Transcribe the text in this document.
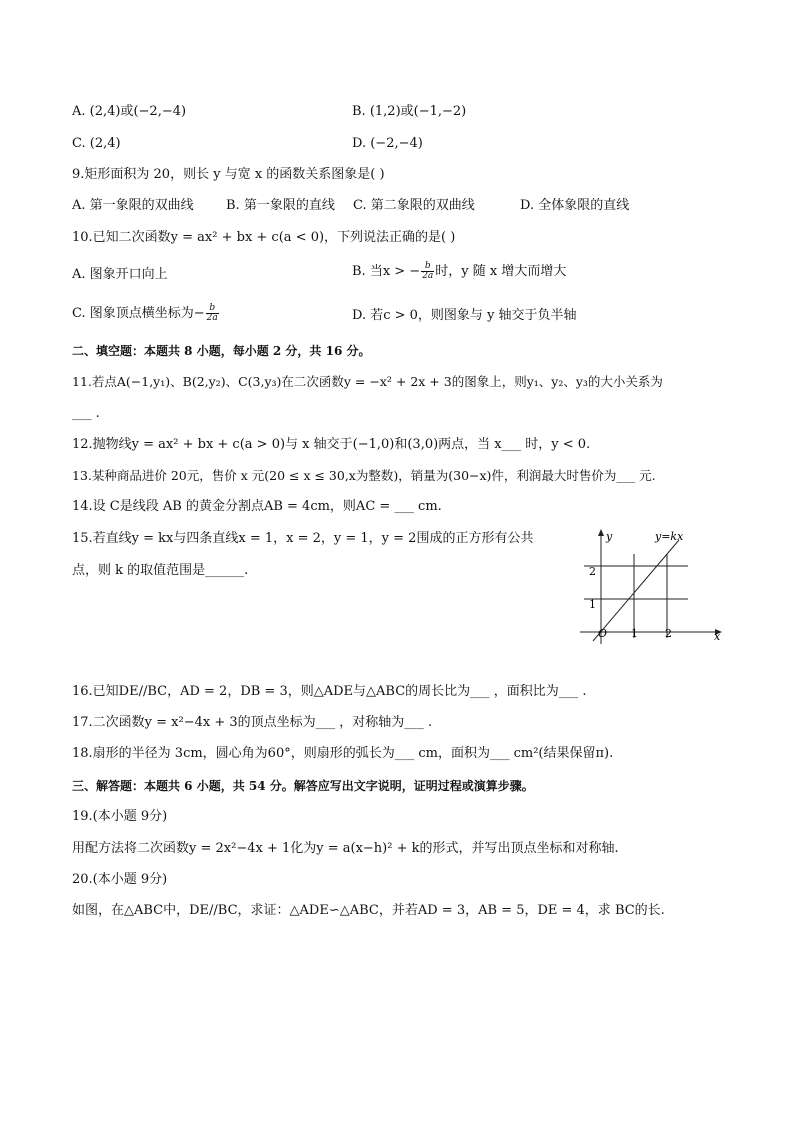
A. (2,4)或(−2,−4)	B. (1,2)或(−1,−2)
C. (2,4)	D. (−2,−4)
9.矩形面积为 20，则长 y 与宽 x 的函数关系图象是( )
A. 第一象限的双曲线 B. 第一象限的直线 C. 第二象限的双曲线	D. 全体象限的直线
10.已知二次函数y = ax² + bx + c(a < 0)，下列说法正确的是( )
A. 图象开口向上	B. 当x > − $\frac{b}{2a}$ 时，y 随 x 增大而增大
C. 图象顶点横坐标为− $\frac{b}{2a}$	D. 若c > 0，则图象与 y 轴交于负半轴
二、填空题：本题共 8 小题，每小题 2 分，共 16 分。
11.若点A(−1,y₁)、B(2,y₂)、C(3,y₃)在二次函数y = −x² + 2x + 3的图象上，则y₁、y₂、y₃的大小关系为
___ .
12.抛物线y = ax² + bx + c(a > 0)与 x 轴交于(−1,0)和(3,0)两点，当 x___ 时，y < 0.
13.某种商品进价 20元，售价 x 元(20 ≤ x ≤ 30,x为整数)，销量为(30−x)件，利润最大时售价为___ 元.
14.设 C是线段 AB 的黄金分割点AB = 4cm，则AC = ___ cm.
15.若直线y = kx与四条直线x = 1，x = 2，y = 1，y = 2围成的正方形有公共
点，则 k 的取值范围是______.
y	y=kx
2
1
O 1 2	x
16.已知DE//BC，AD = 2，DB = 3，则△ADE与△ABC的周长比为___ ，面积比为___ .
17.二次函数y = x²−4x + 3的顶点坐标为___ ，对称轴为___ .
18.扇形的半径为 3cm，圆心角为60°，则扇形的弧长为___ cm，面积为___ cm²(结果保留π).
三、解答题：本题共 6 小题，共 54 分。解答应写出文字说明，证明过程或演算步骤。
19.(本小题 9分)
用配方法将二次函数y = 2x²−4x + 1化为y = a(x−h)² + k的形式，并写出顶点坐标和对称轴.
20.(本小题 9分)
如图，在△ABC中，DE//BC，求证：△ADE∽△ABC，并若AD = 3，AB = 5，DE = 4，求 BC的长.
